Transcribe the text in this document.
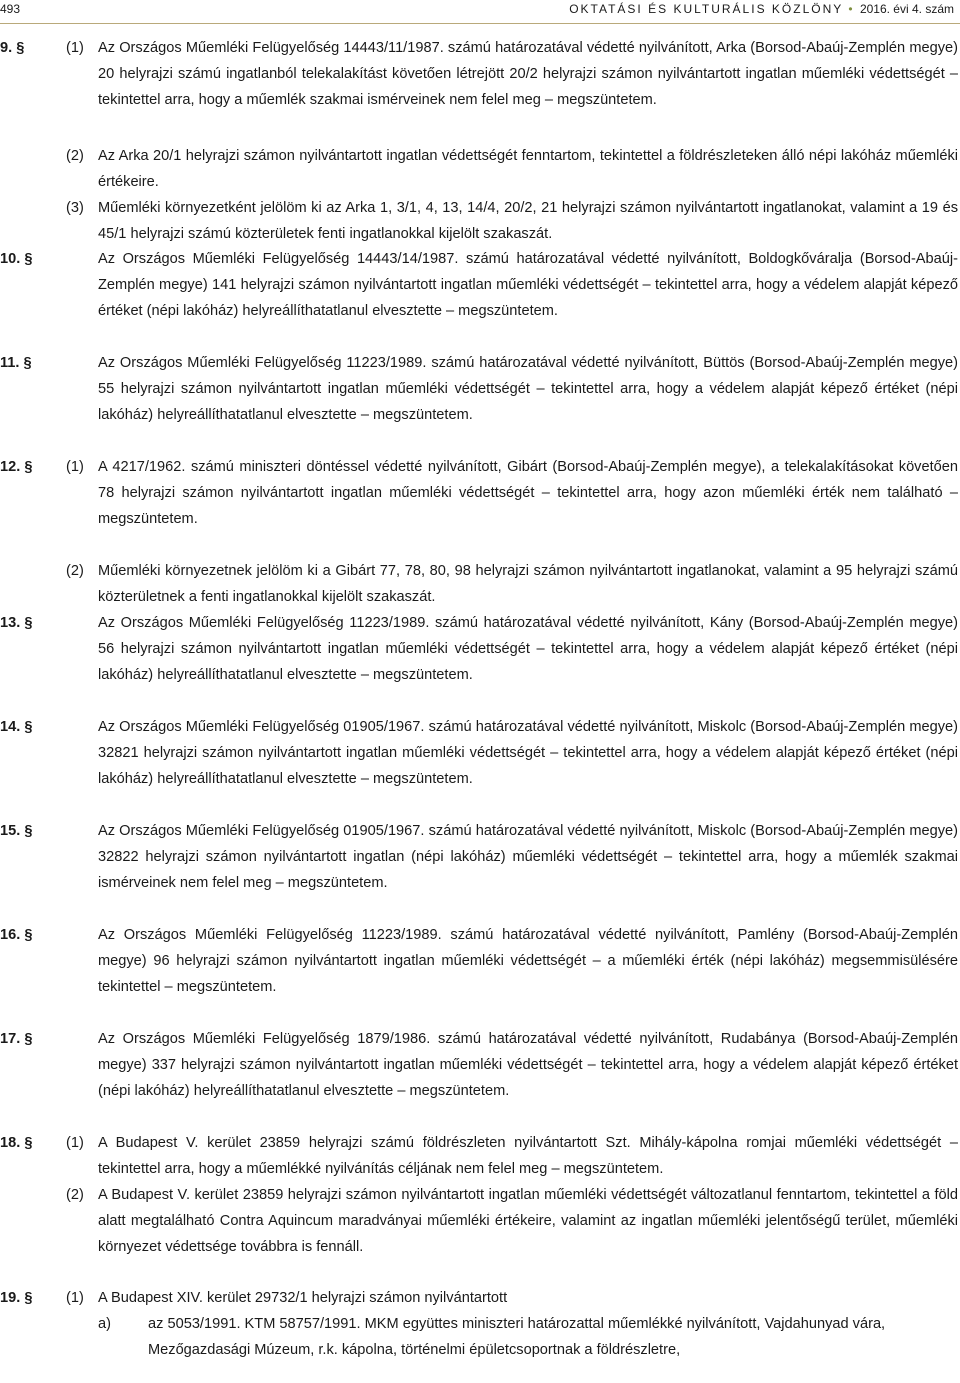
493	OKTATÁSI ÉS KULTURÁLIS KÖZLÖNY • 2016. évi 4. szám
9. §	(1) Az Országos Műemléki Felügyelőség 14443/11/1987. számú határozatával védetté nyilvánított, Arka (Borsod-Abaúj-Zemplén megye) 20 helyrajzi számú ingatlanból telekalakítást követően létrejött 20/2 helyrajzi számon nyilvántartott ingatlan műemléki védettségét – tekintettel arra, hogy a műemlék szakmai ismérveinek nem felel meg – megszüntetem.
(2) Az Arka 20/1 helyrajzi számon nyilvántartott ingatlan védettségét fenntartom, tekintettel a földrészleteken álló népi lakóház műemléki értékeire.
(3) Műemléki környezetként jelölöm ki az Arka 1, 3/1, 4, 13, 14/4, 20/2, 21 helyrajzi számon nyilvántartott ingatlanokat, valamint a 19 és 45/1 helyrajzi számú közterületek fenti ingatlanokkal kijelölt szakaszát.
10. §	Az Országos Műemléki Felügyelőség 14443/14/1987. számú határozatával védetté nyilvánított, Boldogkőváralja (Borsod-Abaúj-Zemplén megye) 141 helyrajzi számon nyilvántartott ingatlan műemléki védettségét – tekintettel arra, hogy a védelem alapját képező értéket (népi lakóház) helyreállíthatatlanul elvesztette – megszüntetem.
11. §	Az Országos Műemléki Felügyelőség 11223/1989. számú határozatával védetté nyilvánított, Büttös (Borsod-Abaúj-Zemplén megye) 55 helyrajzi számon nyilvántartott ingatlan műemléki védettségét – tekintettel arra, hogy a védelem alapját képező értéket (népi lakóház) helyreállíthatatlanul elvesztette – megszüntetem.
12. § (1) A 4217/1962. számú miniszteri döntéssel védetté nyilvánított, Gibárt (Borsod-Abaúj-Zemplén megye), a telekalakításokat követően 78 helyrajzi számon nyilvántartott ingatlan műemléki védettségét – tekintettel arra, hogy azon műemléki érték nem található – megszüntetem.
(2) Műemléki környezetnek jelölöm ki a Gibárt 77, 78, 80, 98 helyrajzi számon nyilvántartott ingatlanokat, valamint a 95 helyrajzi számú közterületnek a fenti ingatlanokkal kijelölt szakaszát.
13. §	Az Országos Műemléki Felügyelőség 11223/1989. számú határozatával védetté nyilvánított, Kány (Borsod-Abaúj-Zemplén megye) 56 helyrajzi számon nyilvántartott ingatlan műemléki védettségét – tekintettel arra, hogy a védelem alapját képező értéket (népi lakóház) helyreállíthatatlanul elvesztette – megszüntetem.
14. §	Az Országos Műemléki Felügyelőség 01905/1967. számú határozatával védetté nyilvánított, Miskolc (Borsod-Abaúj-Zemplén megye) 32821 helyrajzi számon nyilvántartott ingatlan műemléki védettségét – tekintettel arra, hogy a védelem alapját képező értéket (népi lakóház) helyreállíthatatlanul elvesztette – megszüntetem.
15. §	Az Országos Műemléki Felügyelőség 01905/1967. számú határozatával védetté nyilvánított, Miskolc (Borsod-Abaúj-Zemplén megye) 32822 helyrajzi számon nyilvántartott ingatlan (népi lakóház) műemléki védettségét – tekintettel arra, hogy a műemlék szakmai ismérveinek nem felel meg – megszüntetem.
16. §	Az Országos Műemléki Felügyelőség 11223/1989. számú határozatával védetté nyilvánított, Pamlény (Borsod-Abaúj-Zemplén megye) 96 helyrajzi számon nyilvántartott ingatlan műemléki védettségét – a műemléki érték (népi lakóház) megsemmisülésére tekintettel – megszüntetem.
17. §	Az Országos Műemléki Felügyelőség 1879/1986. számú határozatával védetté nyilvánított, Rudabánya (Borsod-Abaúj-Zemplén megye) 337 helyrajzi számon nyilvántartott ingatlan műemléki védettségét – tekintettel arra, hogy a védelem alapját képező értéket (népi lakóház) helyreállíthatatlanul elvesztette – megszüntetem.
18. § (1) A Budapest V. kerület 23859 helyrajzi számú földrészleten nyilvántartott Szt. Mihály-kápolna romjai műemléki védettségét – tekintettel arra, hogy a műemlékké nyilvánítás céljának nem felel meg – megszüntetem.
(2) A Budapest V. kerület 23859 helyrajzi számon nyilvántartott ingatlan műemléki védettségét változatlanul fenntartom, tekintettel a föld alatt megtalálható Contra Aquincum maradványai műemléki értékeire, valamint az ingatlan műemléki jelentőségű terület, műemléki környezet védettsége továbbra is fennáll.
19. § (1) A Budapest XIV. kerület 29732/1 helyrajzi számon nyilvántartott
a)	az 5053/1991. KTM 58757/1991. MKM együttes miniszteri határozattal műemlékké nyilvánított, Vajdahunyad vára, Mezőgazdasági Múzeum, r.k. kápolna, történelmi épületcsoportnak a földrészletre,
